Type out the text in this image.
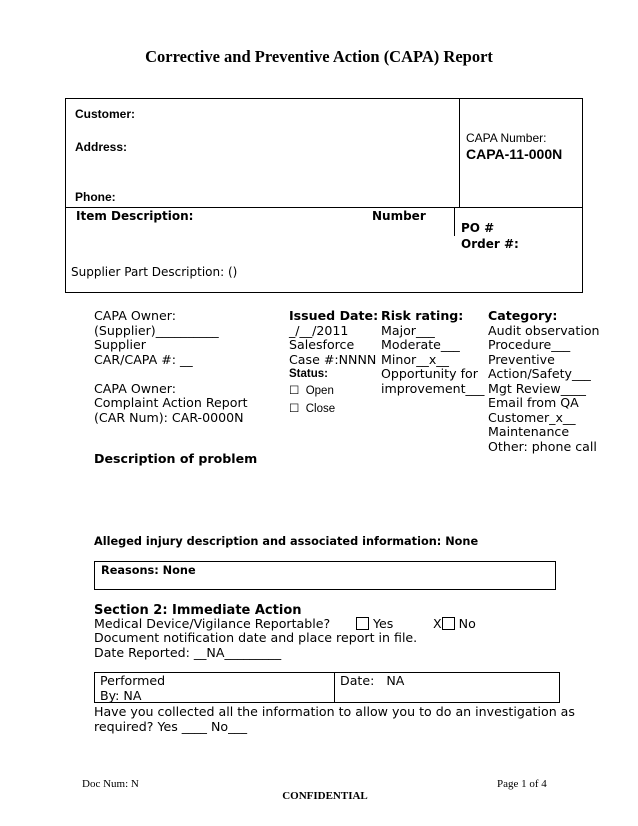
Corrective and Preventive Action (CAPA) Report
Customer:
Address:
Phone:
CAPA Number:
CAPA-11-000N
Item Description:	Number
PO #
Order #:
Supplier Part Description: ()
CAPA Owner:
(Supplier)__________
Supplier
CAR/CAPA #: __
CAPA Owner:
Complaint Action Report
(CAR Num): CAR-0000N
Issued Date:
_/__/2011
Salesforce
Case #:NNNN
Status:
☐ Open
☐ Close
Risk rating:
Major___
Moderate___
Minor__x__
Opportunity for
improvement___
Category:
Audit observation
Procedure___
Preventive
Action/Safety___
Mgt Review____
Email from QA
Customer_x__
Maintenance
Other: phone call
Description of problem
Alleged injury description and associated information: None
Reasons: None
Section 2: Immediate Action
Medical Device/Vigilance Reportable?	Yes	X No
Document notification date and place report in file.
Date Reported: __NA_________
Performed
By: NA
Date:   NA
Have you collected all the information to allow you to do an investigation as
required? Yes ____ No___
Doc Num: N	Page 1 of 4
CONFIDENTIAL
